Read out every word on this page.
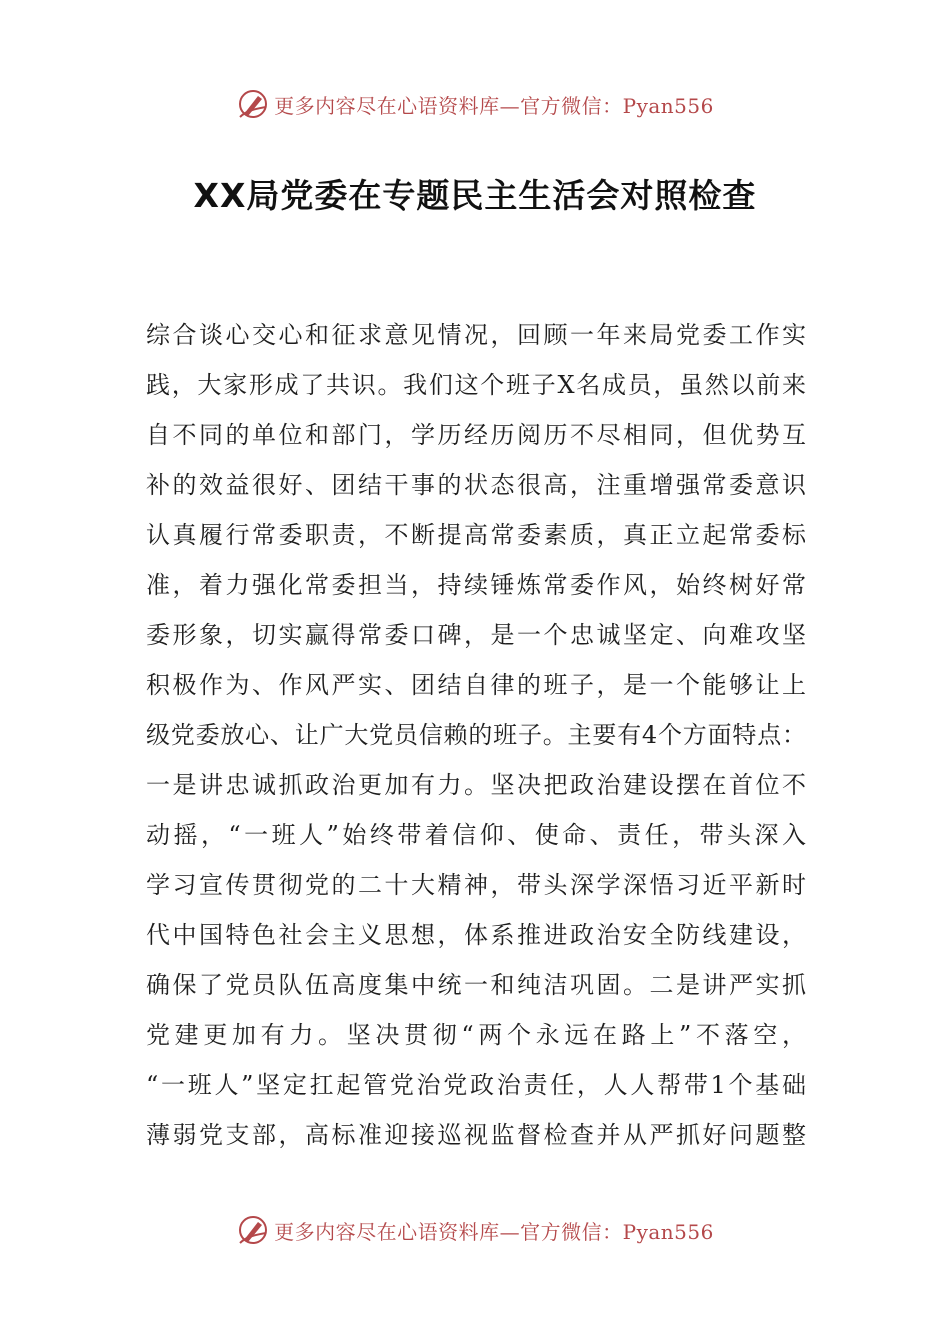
更多内容尽在心语资料库—官方微信：Pyan556
XX局党委在专题民主生活会对照检查
综合谈心交心和征求意见情况，回顾一年来局党委工作实
践，大家形成了共识。我们这个班子X名成员，虽然以前来
自不同的单位和部门，学历经历阅历不尽相同，但优势互
补的效益很好、团结干事的状态很高，注重增强常委意识
认真履行常委职责，不断提高常委素质，真正立起常委标
准，着力强化常委担当，持续锤炼常委作风，始终树好常
委形象，切实赢得常委口碑，是一个忠诚坚定、向难攻坚
积极作为、作风严实、团结自律的班子，是一个能够让上
级党委放心、让广大党员信赖的班子。主要有4个方面特点：
一是讲忠诚抓政治更加有力。坚决把政治建设摆在首位不
动摇，“一班人”始终带着信仰、使命、责任，带头深入
学习宣传贯彻党的二十大精神，带头深学深悟习近平新时
代中国特色社会主义思想，体系推进政治安全防线建设，
确保了党员队伍高度集中统一和纯洁巩固。二是讲严实抓
党建更加有力。坚决贯彻“两个永远在路上”不落空，
“一班人”坚定扛起管党治党政治责任，人人帮带1个基础
薄弱党支部，高标准迎接巡视监督检查并从严抓好问题整
更多内容尽在心语资料库—官方微信：Pyan556
